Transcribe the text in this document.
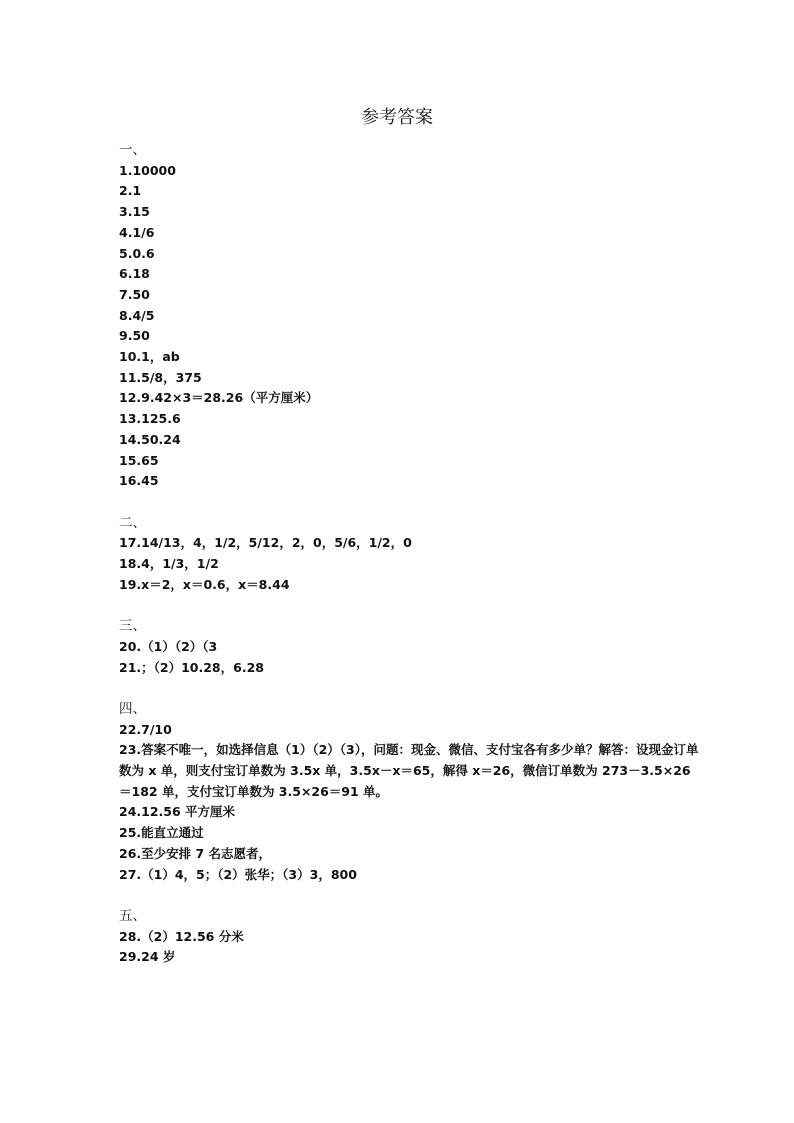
参考答案

一、

1.10000

2.1

3.15

4.1/6

5.0.6

6.18

7.50

8.4/5

9.50

10.1，ab

11.5/8，375

12.9.42×3＝28.26（平方厘米）

13.125.6

14.50.24

15.65

16.45

二、

17.14/13，4，1/2，5/12，2，0，5/6，1/2，0

18.4，1/3，1/2

19.x＝2，x＝0.6，x＝8.44

三、

20.（1）（2）（3

21.；（2）10.28，6.28

四、

22.7/10

23.答案不唯一，如选择信息（1）（2）（3），问题：现金、微信、支付宝各有多少单？解答：设现金订单数为 x 单，则支付宝订单数为 3.5x 单，3.5x－x＝65，解得 x＝26，微信订单数为 273－3.5×26＝182 单，支付宝订单数为 3.5×26＝91 单。

24.12.56 平方厘米

25.能直立通过

26.至少安排 7 名志愿者，

27.（1）4，5；（2）张华；（3）3，800

五、

28.（2）12.56 分米

29.24 岁
